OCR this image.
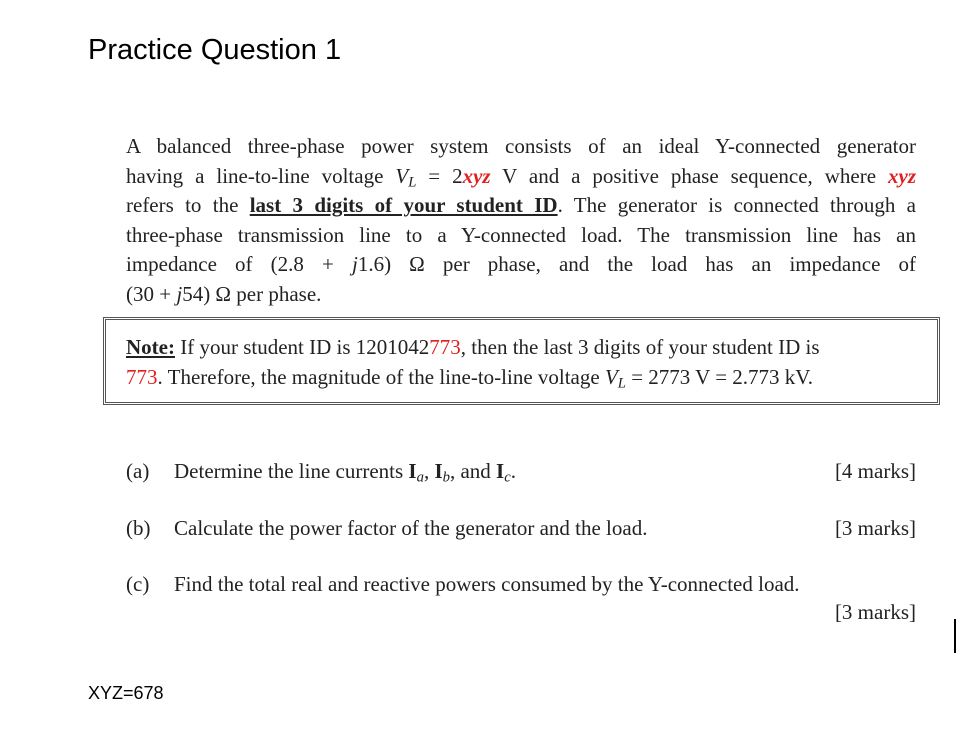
Practice Question 1
A balanced three-phase power system consists of an ideal Y-connected generator
having a line-to-line voltage $V_L = 2xyz$ V and a positive phase sequence, where xyz
refers to the last 3 digits of your student ID. The generator is connected through a
three-phase transmission line to a Y-connected load. The transmission line has an
impedance of (2.8 + j1.6) Ω per phase, and the load has an impedance of
(30 + j54) Ω per phase.
Note: If your student ID is 1201042773, then the last 3 digits of your student ID is
773. Therefore, the magnitude of the line-to-line voltage $V_L = 2773$ V = 2.773 kV.
(a) Determine the line currents $I_a$, $I_b$, and $I_c$.	[4 marks]
(b) Calculate the power factor of the generator and the load.	[3 marks]
(c) Find the total real and reactive powers consumed by the Y-connected load.
[3 marks]
XYZ=678
